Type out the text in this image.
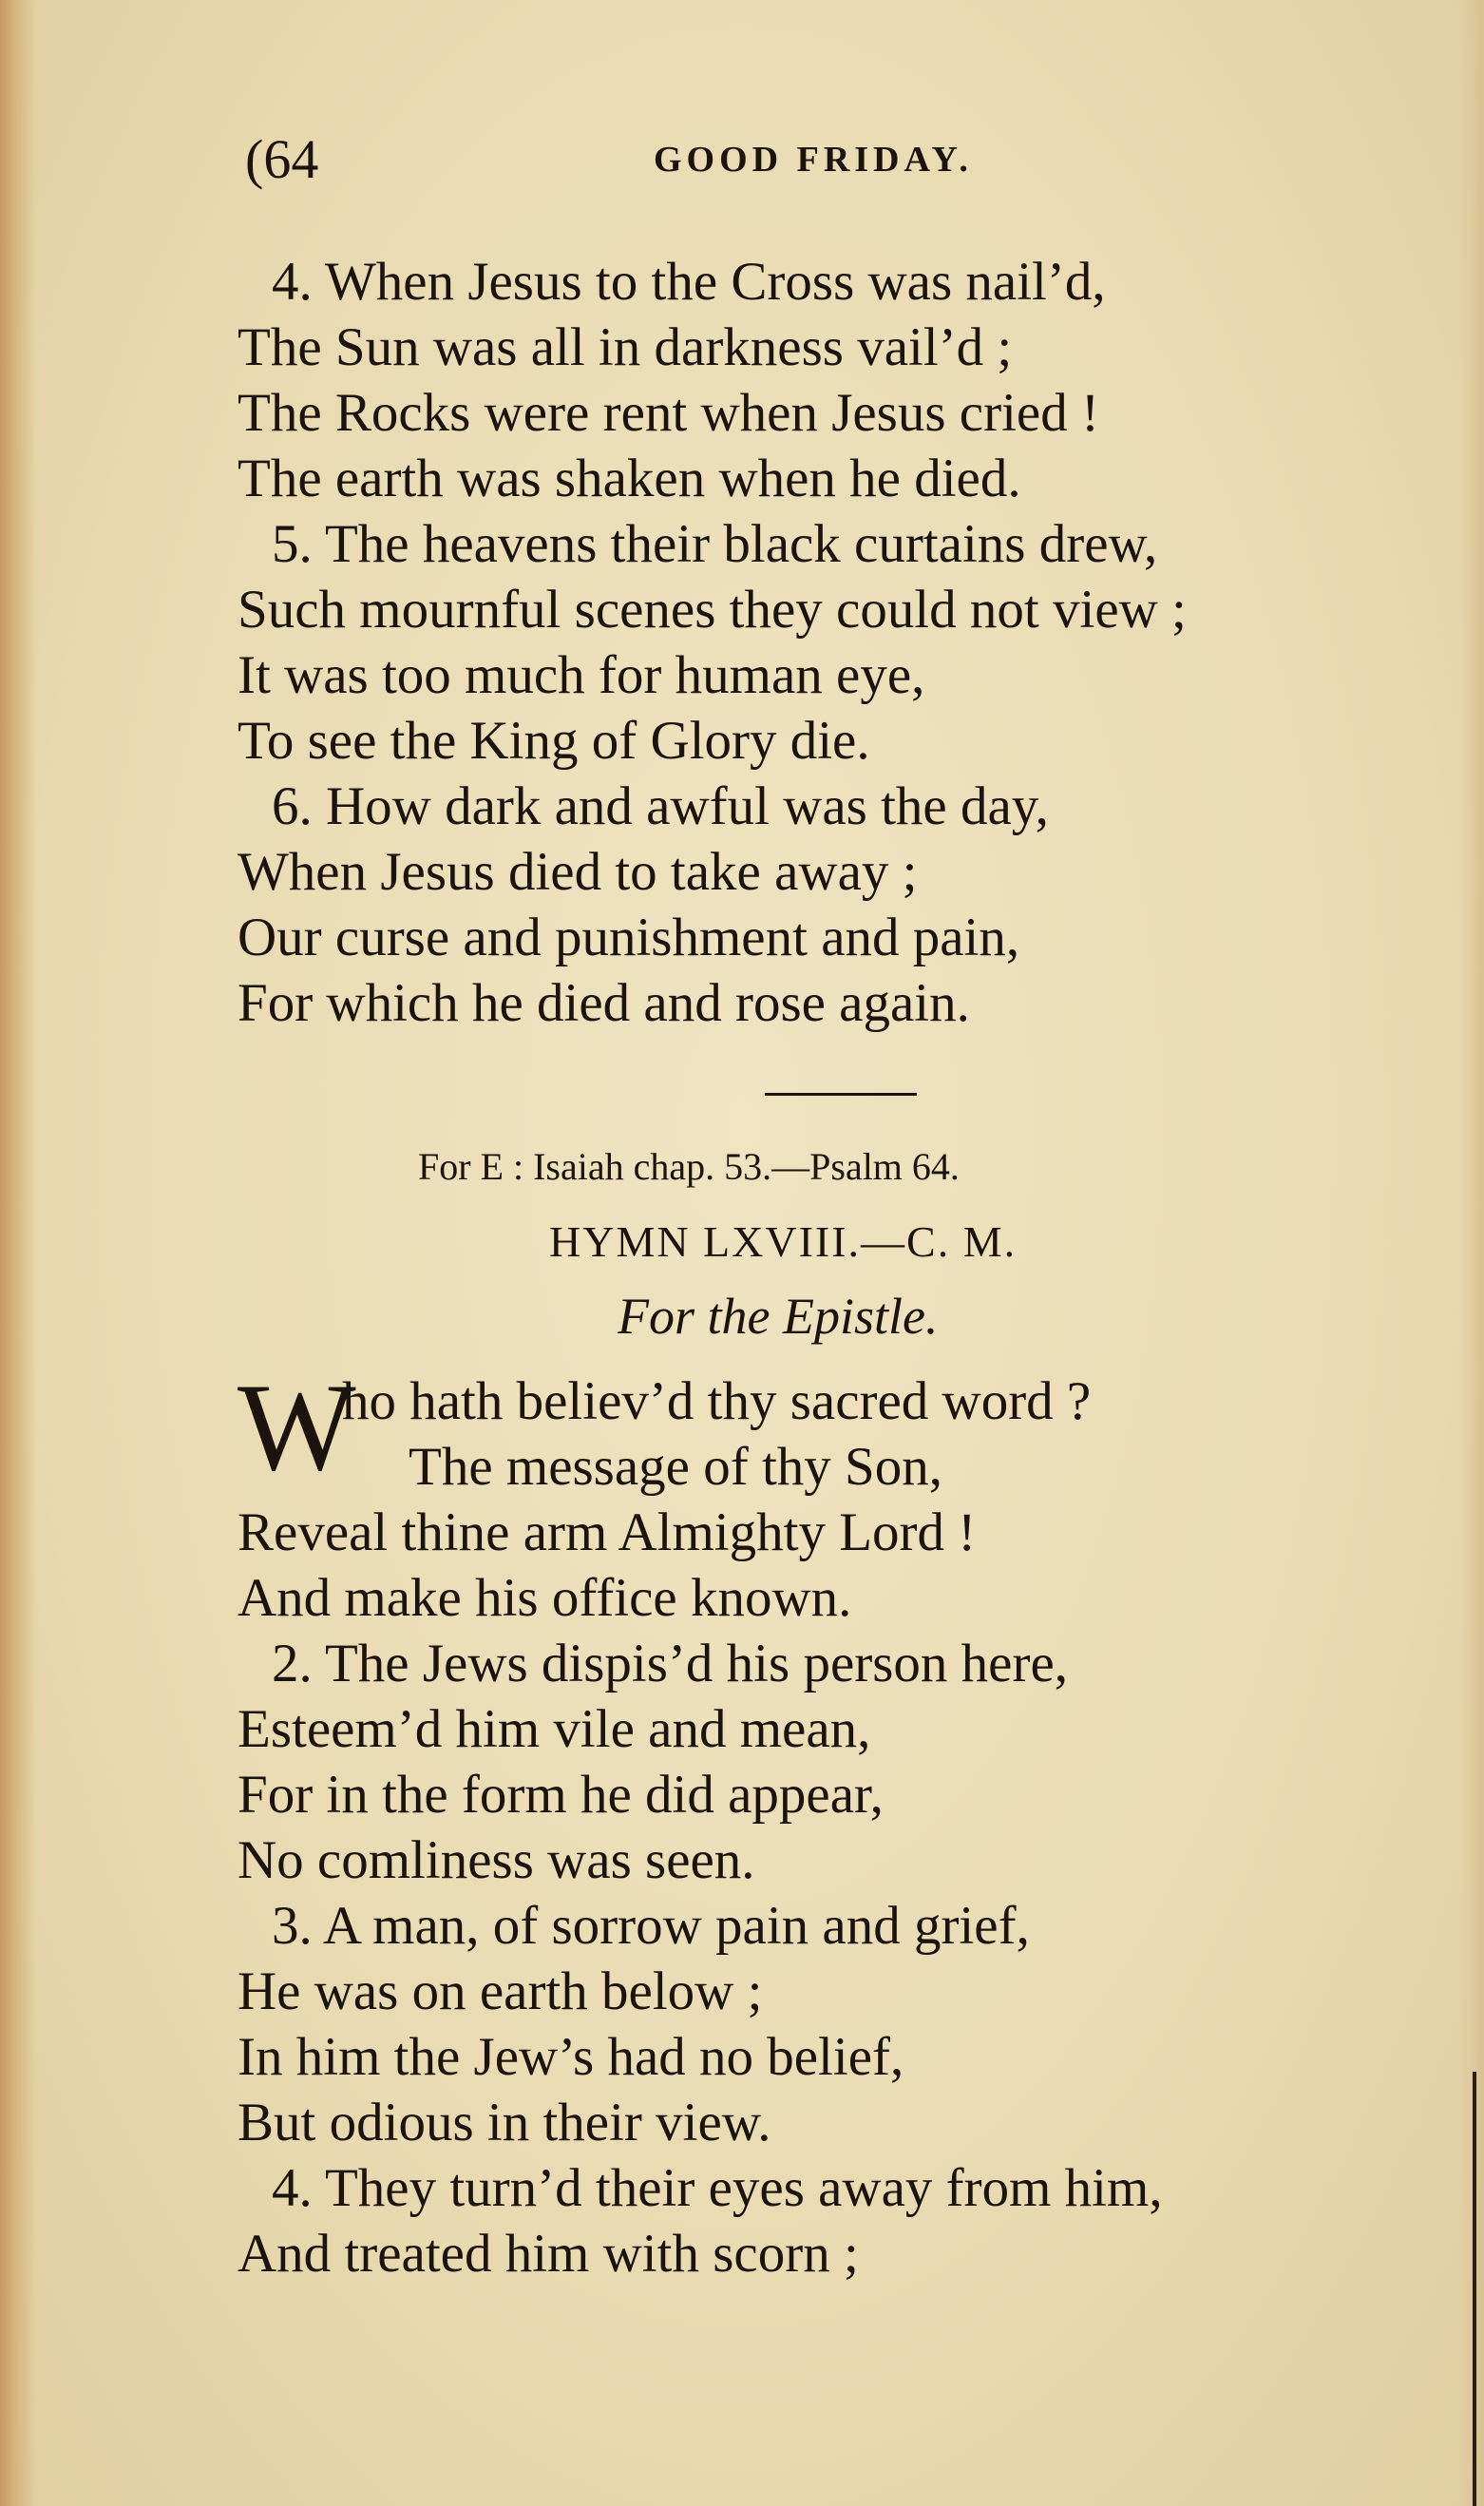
(64	GOOD FRIDAY.
4. When Jesus to the Cross was nail’d,
The Sun was all in darkness vail’d ;
The Rocks were rent when Jesus cried !
The earth was shaken when he died.
5. The heavens their black curtains drew,
Such mournful scenes they could not view ;
It was too much for human eye,
To see the King of Glory die.
6. How dark and awful was the day,
When Jesus died to take away ;
Our curse and punishment and pain,
For which he died and rose again.
For E : Isaiah chap. 53.—Psalm 64.
HYMN LXVIII.—C. M.
For the Epistle.
W
ho hath believ’d thy sacred word ?
The message of thy Son,
Reveal thine arm Almighty Lord !
And make his office known.
2. The Jews dispis’d his person here,
Esteem’d him vile and mean,
For in the form he did appear,
No comliness was seen.
3. A man, of sorrow pain and grief,
He was on earth below ;
In him the Jew’s had no belief,
But odious in their view.
4. They turn’d their eyes away from him,
And treated him with scorn ;
